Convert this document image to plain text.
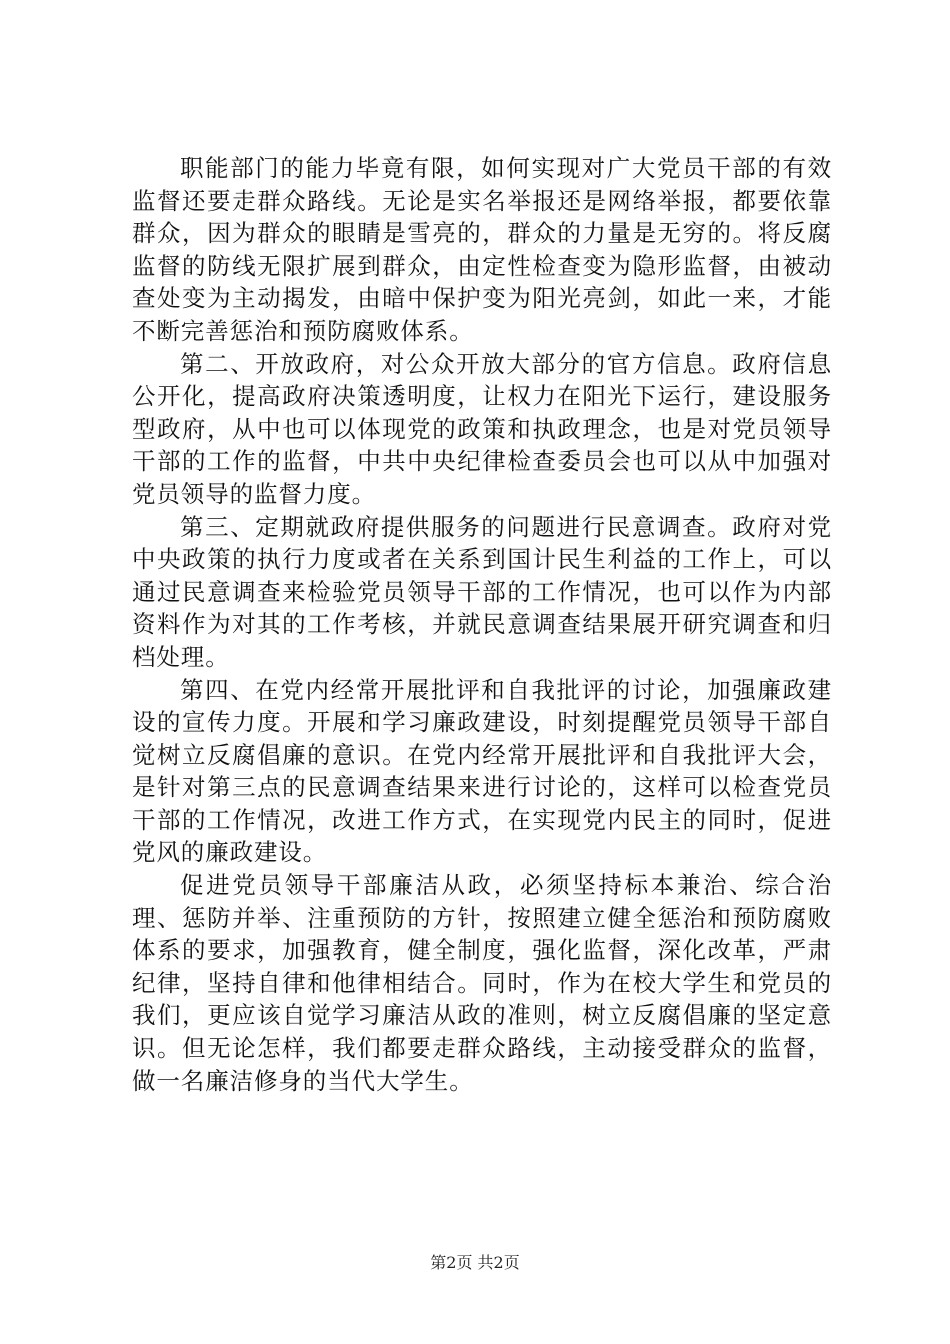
职能部门的能力毕竟有限，如何实现对广大党员干部的有效监督还要走群众路线。无论是实名举报还是网络举报，都要依靠群众，因为群众的眼睛是雪亮的，群众的力量是无穷的。将反腐监督的防线无限扩展到群众，由定性检查变为隐形监督，由被动查处变为主动揭发，由暗中保护变为阳光亮剑，如此一来，才能不断完善惩治和预防腐败体系。

第二、开放政府，对公众开放大部分的官方信息。政府信息公开化，提高政府决策透明度，让权力在阳光下运行，建设服务型政府，从中也可以体现党的政策和执政理念，也是对党员领导干部的工作的监督，中共中央纪律检查委员会也可以从中加强对党员领导的监督力度。

第三、定期就政府提供服务的问题进行民意调查。政府对党中央政策的执行力度或者在关系到国计民生利益的工作上，可以通过民意调查来检验党员领导干部的工作情况，也可以作为内部资料作为对其的工作考核，并就民意调查结果展开研究调查和归档处理。

第四、在党内经常开展批评和自我批评的讨论，加强廉政建设的宣传力度。开展和学习廉政建设，时刻提醒党员领导干部自觉树立反腐倡廉的意识。在党内经常开展批评和自我批评大会，是针对第三点的民意调查结果来进行讨论的，这样可以检查党员干部的工作情况，改进工作方式，在实现党内民主的同时，促进党风的廉政建设。

促进党员领导干部廉洁从政，必须坚持标本兼治、综合治理、惩防并举、注重预防的方针，按照建立健全惩治和预防腐败体系的要求，加强教育，健全制度，强化监督，深化改革，严肃纪律，坚持自律和他律相结合。同时，作为在校大学生和党员的我们，更应该自觉学习廉洁从政的准则，树立反腐倡廉的坚定意识。但无论怎样，我们都要走群众路线，主动接受群众的监督，做一名廉洁修身的当代大学生。

第2页 共2页
